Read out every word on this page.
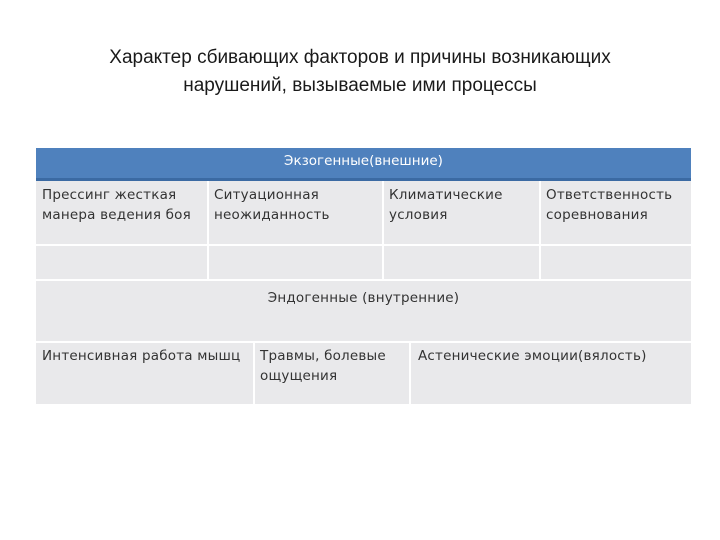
Характер сбивающих факторов и причины возникающих
нарушений, вызываемые ими процессы
Экзогенные(внешние)
Прессинг жесткая манера ведения боя
Ситуационная неожиданность
Климатические условия
Ответственность соревнования
Эндогенные (внутренние)
Интенсивная работа мышц	Травмы, болевые ощущения
Астенические эмоции(вялость)
